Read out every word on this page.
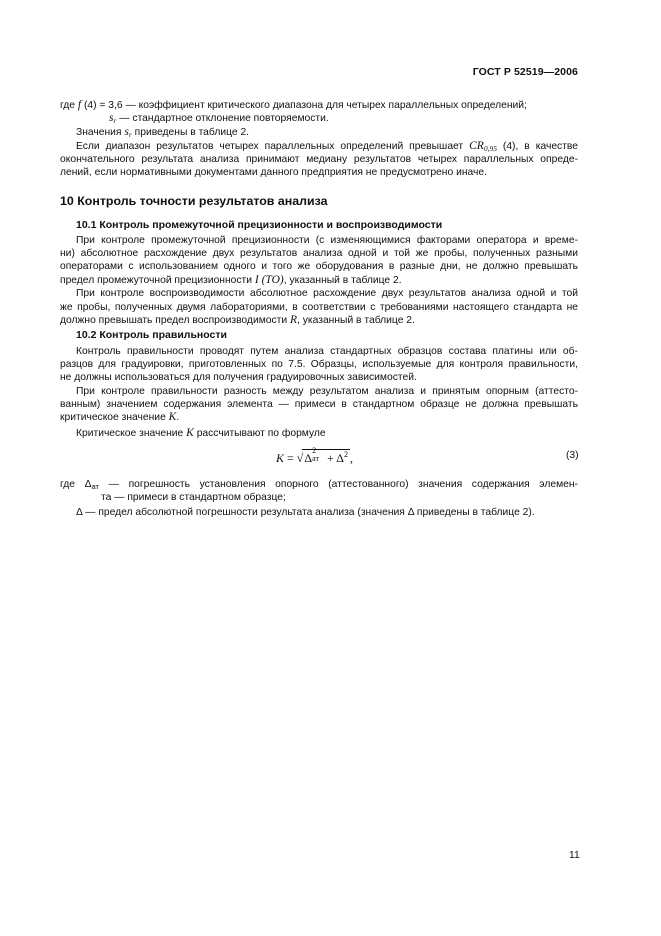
ГОСТ Р 52519—2006
где f (4) = 3,6 — коэффициент критического диапазона для четырех параллельных определений;
$s_r$ — стандартное отклонение повторяемости.
Значения $s_r$ приведены в таблице 2.
Если диапазон результатов четырех параллельных определений превышает $CR_{0,95}$ (4), в качестве
окончательного результата анализа принимают медиану результатов четырех параллельных опреде-
лений, если нормативными документами данного предприятия не предусмотрено иначе.
10 Контроль точности результатов анализа
10.1 Контроль промежуточной прецизионности и воспроизводимости
При контроле промежуточной прецизионности (с изменяющимися факторами оператора и време-
ни) абсолютное расхождение двух результатов анализа одной и той же пробы, полученных разными
операторами с использованием одного и того же оборудования в разные дни, не должно превышать
предел промежуточной прецизионности I (TO), указанный в таблице 2.
При контроле воспроизводимости абсолютное расхождение двух результатов анализа одной и той
же пробы, полученных двумя лабораториями, в соответствии с требованиями настоящего стандарта не
должно превышать предел воспроизводимости R, указанный в таблице 2.
10.2 Контроль правильности
Контроль правильности проводят путем анализа стандартных образцов состава платины или об-
разцов для градуировки, приготовленных по 7.5. Образцы, используемые для контроля правильности,
не должны использоваться для получения градуировочных зависимостей.
При контроле правильности разность между результатом анализа и принятым опорным (аттесто-
ванным) значением содержания элемента — примеси в стандартном образце не должна превышать
критическое значение K.
Критическое значение K рассчитывают по формуле
K = √Δ
2
ат + $\Delta^2$ ,	(3)
где $\Delta_{ат}$ — погрешность установления опорного (аттестованного) значения содержания элемен-
та — примеси в стандартном образце;
Δ — предел абсолютной погрешности результата анализа (значения Δ приведены в таблице 2).
11
